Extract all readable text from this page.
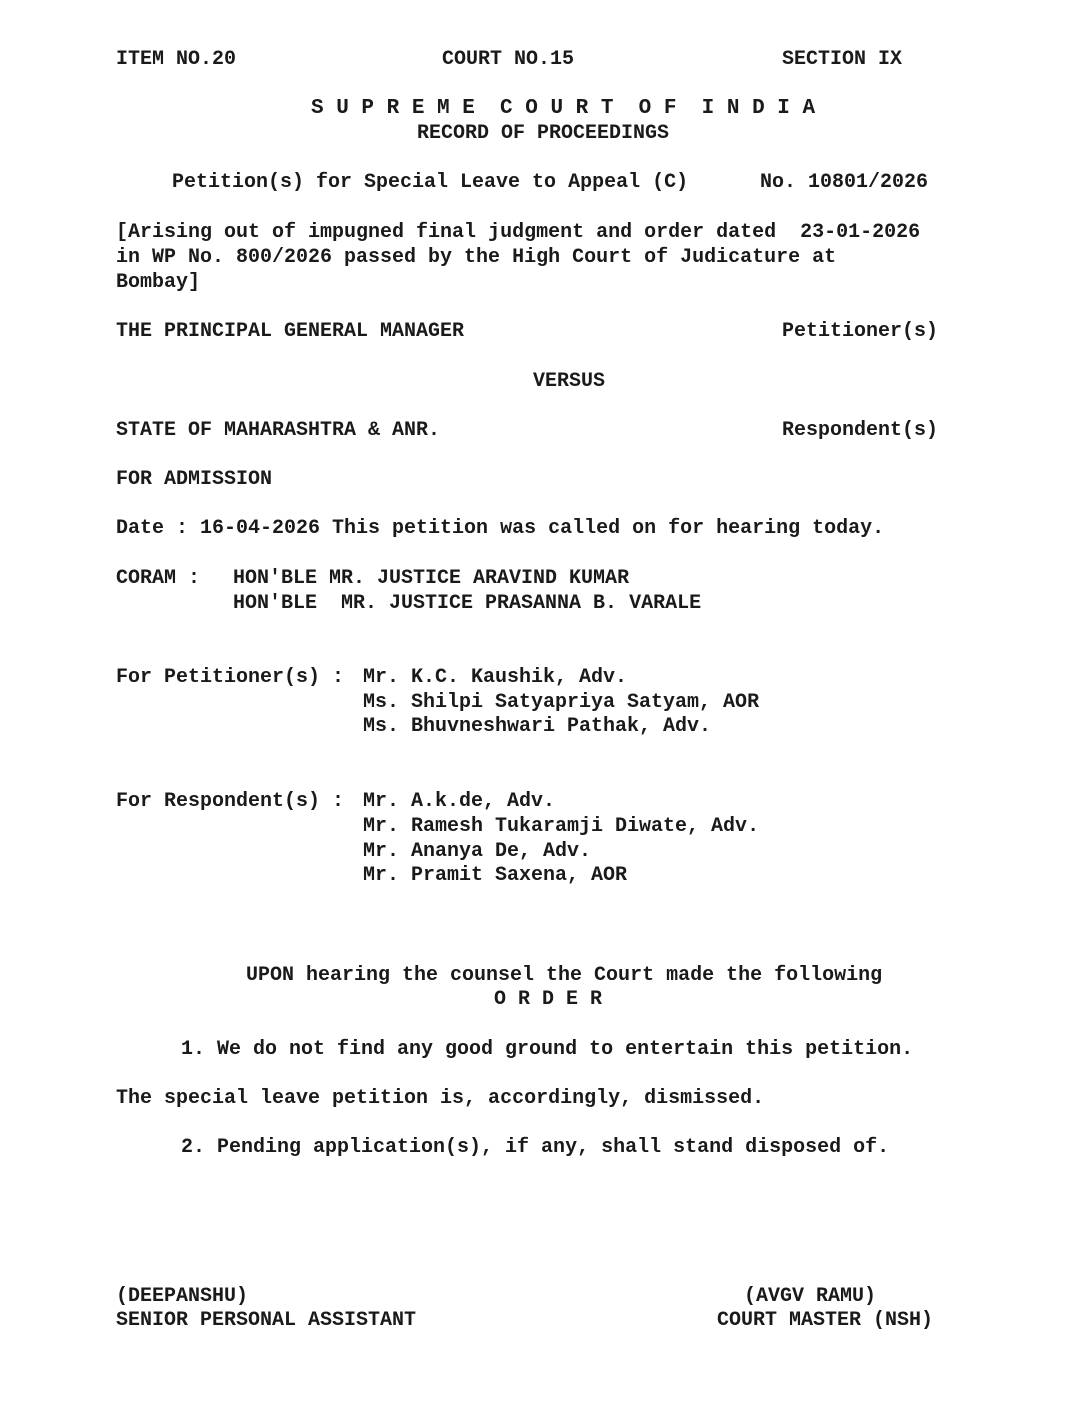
ITEM NO.20	COURT NO.15	SECTION IX
S U P R E M E  C O U R T  O F  I N D I A
RECORD OF PROCEEDINGS
Petition(s) for Special Leave to Appeal (C)	No. 10801/2026
[Arising out of impugned final judgment and order dated  23-01-2026
in WP No. 800/2026 passed by the High Court of Judicature at
Bombay]
THE PRINCIPAL GENERAL MANAGER	Petitioner(s)
VERSUS
STATE OF MAHARASHTRA & ANR.	Respondent(s)
FOR ADMISSION
Date : 16-04-2026 This petition was called on for hearing today.
CORAM : HON'BLE MR. JUSTICE ARAVIND KUMAR
HON'BLE  MR. JUSTICE PRASANNA B. VARALE
For Petitioner(s) : Mr. K.C. Kaushik, Adv.
Ms. Shilpi Satyapriya Satyam, AOR
Ms. Bhuvneshwari Pathak, Adv.
For Respondent(s) : Mr. A.k.de, Adv.
Mr. Ramesh Tukaramji Diwate, Adv.
Mr. Ananya De, Adv.
Mr. Pramit Saxena, AOR
UPON hearing the counsel the Court made the following
O R D E R
1. We do not find any good ground to entertain this petition.
The special leave petition is, accordingly, dismissed.
2. Pending application(s), if any, shall stand disposed of.
(DEEPANSHU)
SENIOR PERSONAL ASSISTANT
(AVGV RAMU)
COURT MASTER (NSH)
